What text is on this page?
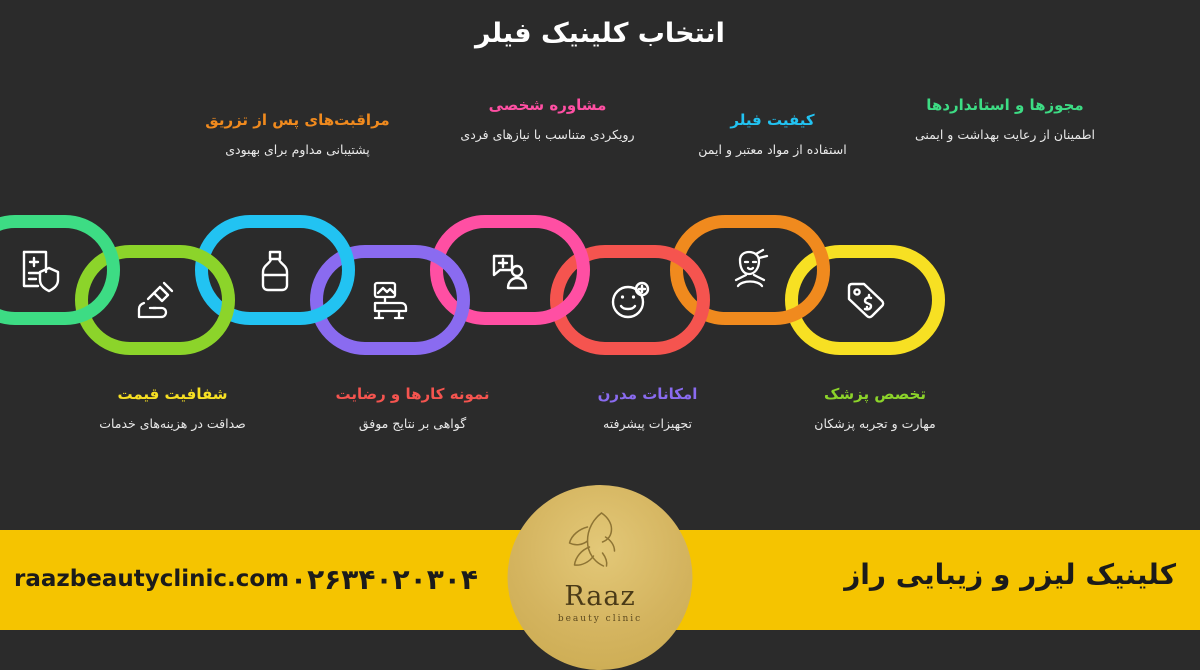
انتخاب کلینیک فیلر
مجوزها و استانداردها
اطمینان از رعایت بهداشت و ایمنی
کیفیت فیلر
استفاده از مواد معتبر و ایمن
مشاوره شخصی
رویکردی متناسب با نیازهای فردی
مراقبت‌های پس از تزریق
پشتیبانی مداوم برای بهبودی
تخصص پزشک
مهارت و تجربه پزشکان
امکانات مدرن
تجهیزات پیشرفته
نمونه کارها و رضایت
گواهی بر نتایج موفق
شفافیت قیمت
صداقت در هزینه‌های خدمات
کلینیک لیزر و زیبایی راز
۰۲۶۳۴۰۲۰۳۰۴
raazbeautyclinic.com
Raaz
beauty clinic
